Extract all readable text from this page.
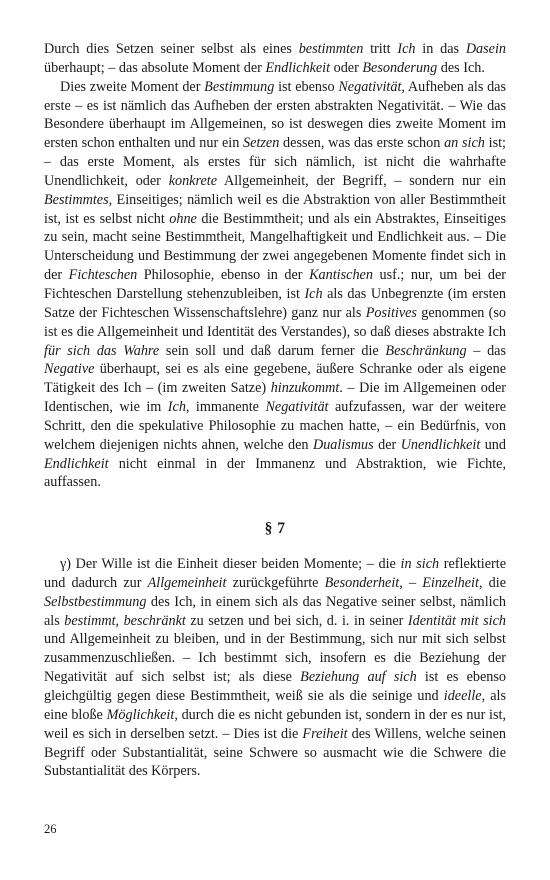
Durch dies Setzen seiner selbst als eines bestimmten tritt Ich in das Dasein überhaupt; – das absolute Moment der Endlichkeit oder Besonderung des Ich.

Dies zweite Moment der Bestimmung ist ebenso Negativität, Aufheben als das erste – es ist nämlich das Aufheben der ersten abstrakten Negativität. – Wie das Besondere überhaupt im Allgemeinen, so ist deswegen dies zweite Moment im ersten schon enthalten und nur ein Setzen dessen, was das erste schon an sich ist; – das erste Moment, als erstes für sich nämlich, ist nicht die wahrhafte Unendlichkeit, oder konkrete Allgemeinheit, der Begriff, – sondern nur ein Bestimmtes, Einseitiges; nämlich weil es die Abstraktion von aller Bestimmtheit ist, ist es selbst nicht ohne die Bestimmtheit; und als ein Abstraktes, Einseitiges zu sein, macht seine Bestimmtheit, Mangelhaftigkeit und Endlichkeit aus. – Die Unterscheidung und Bestimmung der zwei angegebenen Momente findet sich in der Fichteschen Philosophie, ebenso in der Kantischen usf.; nur, um bei der Fichteschen Darstellung stehenzubleiben, ist Ich als das Unbegrenzte (im ersten Satze der Fichteschen Wissenschaftslehre) ganz nur als Positives genommen (so ist es die Allgemeinheit und Identität des Verstandes), so daß dieses abstrakte Ich für sich das Wahre sein soll und daß darum ferner die Beschränkung – das Negative überhaupt, sei es als eine gegebene, äußere Schranke oder als eigene Tätigkeit des Ich – (im zweiten Satze) hinzukommt. – Die im Allgemeinen oder Identischen, wie im Ich, immanente Negativität aufzufassen, war der weitere Schritt, den die spekulative Philosophie zu machen hatte, – ein Bedürfnis, von welchem diejenigen nichts ahnen, welche den Dualismus der Unendlichkeit und Endlichkeit nicht einmal in der Immanenz und Abstraktion, wie Fichte, auffassen.

§ 7

γ) Der Wille ist die Einheit dieser beiden Momente; – die in sich reflektierte und dadurch zur Allgemeinheit zurückgeführte Besonderheit, – Einzelheit, die Selbstbestimmung des Ich, in einem sich als das Negative seiner selbst, nämlich als bestimmt, beschränkt zu setzen und bei sich, d. i. in seiner Identität mit sich und Allgemeinheit zu bleiben, und in der Bestimmung, sich nur mit sich selbst zusammenzuschließen. – Ich bestimmt sich, insofern es die Beziehung der Negativität auf sich selbst ist; als diese Beziehung auf sich ist es ebenso gleichgültig gegen diese Bestimmtheit, weiß sie als die seinige und ideelle, als eine bloße Möglichkeit, durch die es nicht gebunden ist, sondern in der es nur ist, weil es sich in derselben setzt. – Dies ist die Freiheit des Willens, welche seinen Begriff oder Substantialität, seine Schwere so ausmacht wie die Schwere die Substantialität des Körpers.

26
